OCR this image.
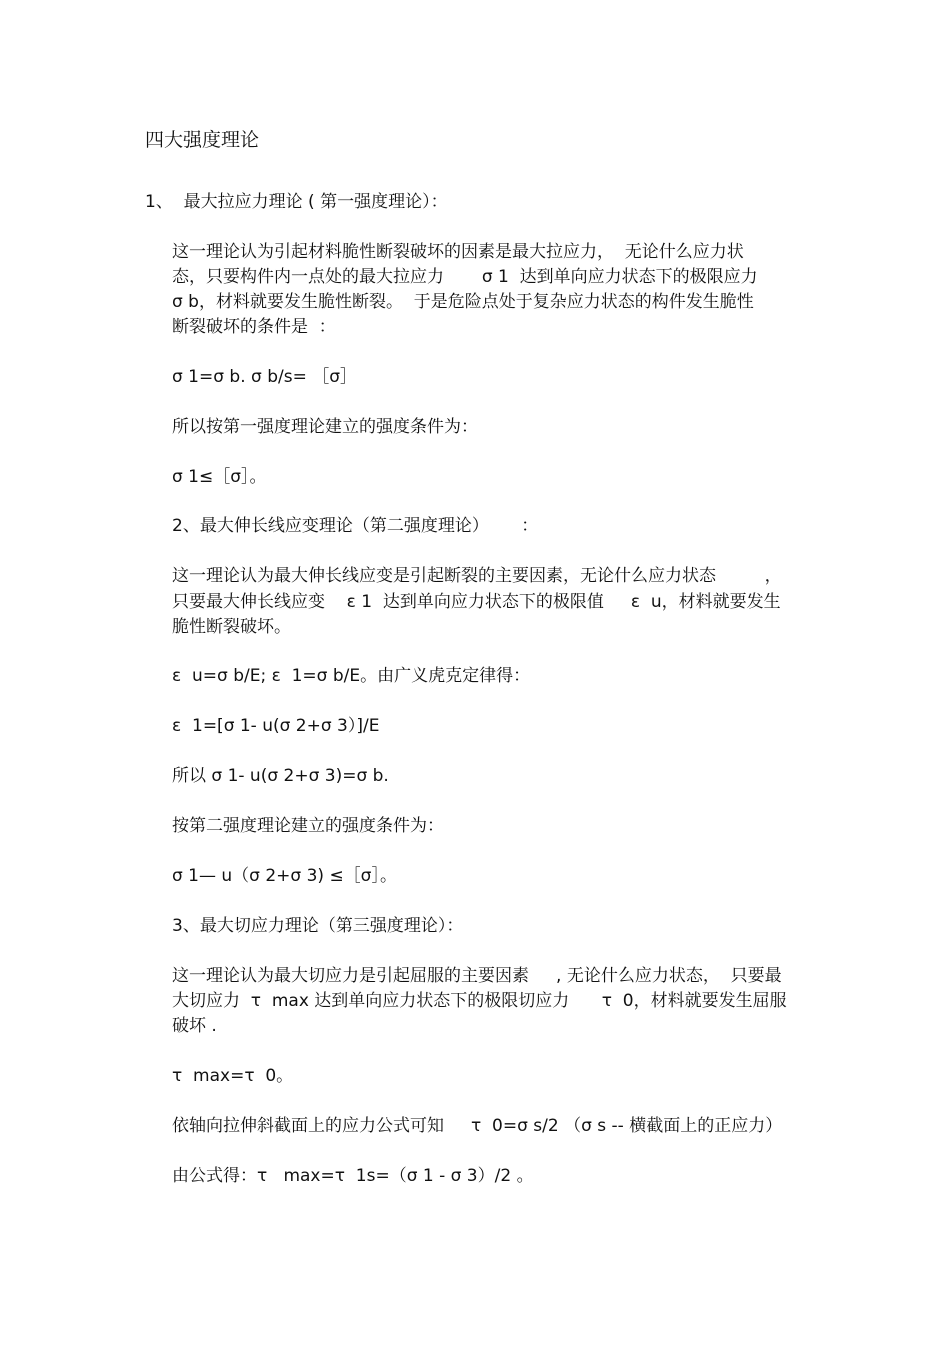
四大强度理论
1、  最大拉应力理论 ( 第一强度理论）：
这一理论认为引起材料脆性断裂破坏的因素是最大拉应力，  无论什么应力状
态，只要构件内一点处的最大拉应力       σ 1  达到单向应力状态下的极限应力
σ b，材料就要发生脆性断裂。  于是危险点处于复杂应力状态的构件发生脆性
断裂破坏的条件是  ：
σ 1=σ b. σ b/s= ［σ］
所以按第一强度理论建立的强度条件为：
σ 1≤［σ］。
2、最大伸长线应变理论（第二强度理论）      ：
这一理论认为最大伸长线应变是引起断裂的主要因素，无论什么应力状态         ，
只要最大伸长线应变    ε 1  达到单向应力状态下的极限值     ε  u，材料就要发生
脆性断裂破坏。
ε  u=σ b/E; ε  1=σ b/E。由广义虎克定律得：
ε  1=[σ 1- u(σ 2+σ 3）]/E
所以 σ 1- u(σ 2+σ 3)=σ b.
按第二强度理论建立的强度条件为：
σ 1— u（σ 2+σ 3) ≤［σ］。
3、最大切应力理论（第三强度理论）：
这一理论认为最大切应力是引起屈服的主要因素     , 无论什么应力状态，  只要最
大切应力  τ  max 达到单向应力状态下的极限切应力      τ  0，材料就要发生屈服
破坏 .
τ  max=τ  0。
依轴向拉伸斜截面上的应力公式可知     τ  0=σ s/2 （σ s -- 横截面上的正应力）
由公式得：τ   max=τ  1s=（σ 1 - σ 3）/2 。
